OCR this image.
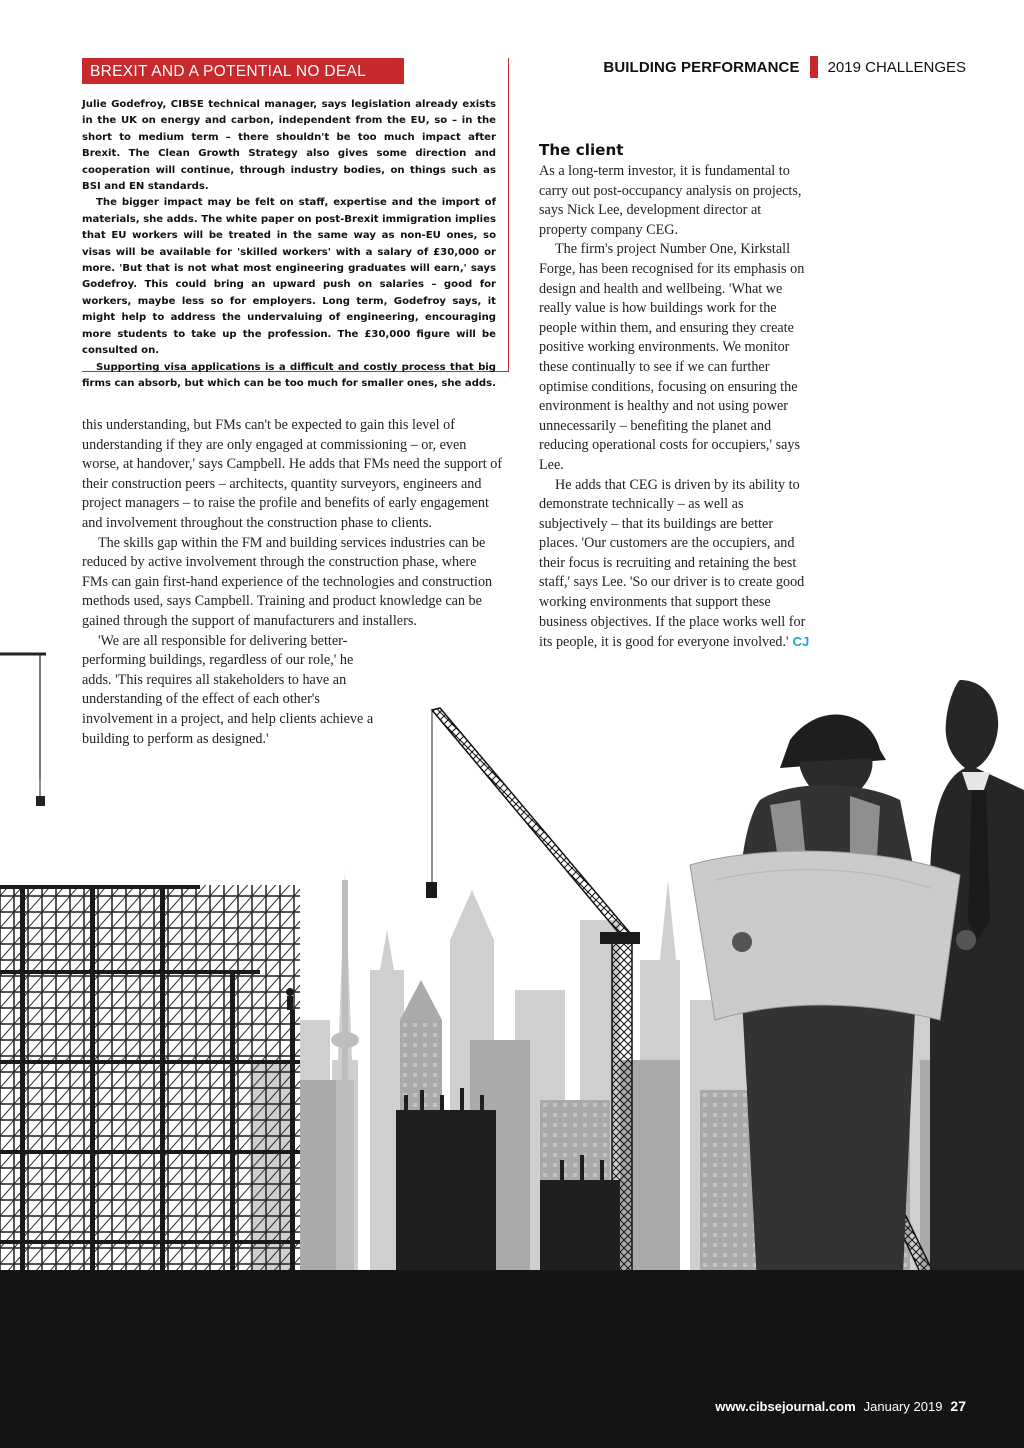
BUILDING PERFORMANCE 2019 CHALLENGES
BREXIT AND A POTENTIAL NO DEAL

Julie Godefroy, CIBSE technical manager, says legislation already exists in the UK on energy and carbon, independent from the EU, so – in the short to medium term – there shouldn't be too much impact after Brexit. The Clean Growth Strategy also gives some direction and cooperation will continue, through industry bodies, on things such as BSI and EN standards.

The bigger impact may be felt on staff, expertise and the import of materials, she adds. The white paper on post-Brexit immigration implies that EU workers will be treated in the same way as non-EU ones, so visas will be available for 'skilled workers' with a salary of £30,000 or more. 'But that is not what most engineering graduates will earn,' says Godefroy. This could bring an upward push on salaries – good for workers, maybe less so for employers. Long term, Godefroy says, it might help to address the undervaluing of engineering, encouraging more students to take up the profession. The £30,000 figure will be consulted on.

Supporting visa applications is a difficult and costly process that big firms can absorb, but which can be too much for smaller ones, she adds.

this understanding, but FMs can't be expected to gain this level of understanding if they are only engaged at commissioning – or, even worse, at handover,' says Campbell. He adds that FMs need the support of their construction peers – architects, quantity surveyors, engineers and project managers – to raise the profile and benefits of early engagement and involvement throughout the construction phase to clients.

The skills gap within the FM and building services industries can be reduced by active involvement through the construction phase, where FMs can gain first-hand experience of the technologies and construction methods used, says Campbell. Training and product knowledge can be gained through the support of manufacturers and installers.

'We are all responsible for delivering better-performing buildings, regardless of our role,' he adds. 'This requires all stakeholders to have an understanding of the effect of each other's involvement in a project, and help clients achieve a building to perform as designed.'

The client

As a long-term investor, it is fundamental to carry out post-occupancy analysis on projects, says Nick Lee, development director at property company CEG.

The firm's project Number One, Kirkstall Forge, has been recognised for its emphasis on design and health and wellbeing. 'What we really value is how buildings work for the people within them, and ensuring they create positive working environments. We monitor these continually to see if we can further optimise conditions, focusing on ensuring the environment is healthy and not using power unnecessarily – benefiting the planet and reducing operational costs for occupiers,' says Lee.

He adds that CEG is driven by its ability to demonstrate technically – as well as subjectively – that its buildings are better places. 'Our customers are the occupiers, and their focus is recruiting and retaining the best staff,' says Lee. 'So our driver is to create good working environments that support these business objectives. If the place works well for its people, it is good for everyone involved.' CJ

www.cibsejournal.com January 2019 27
